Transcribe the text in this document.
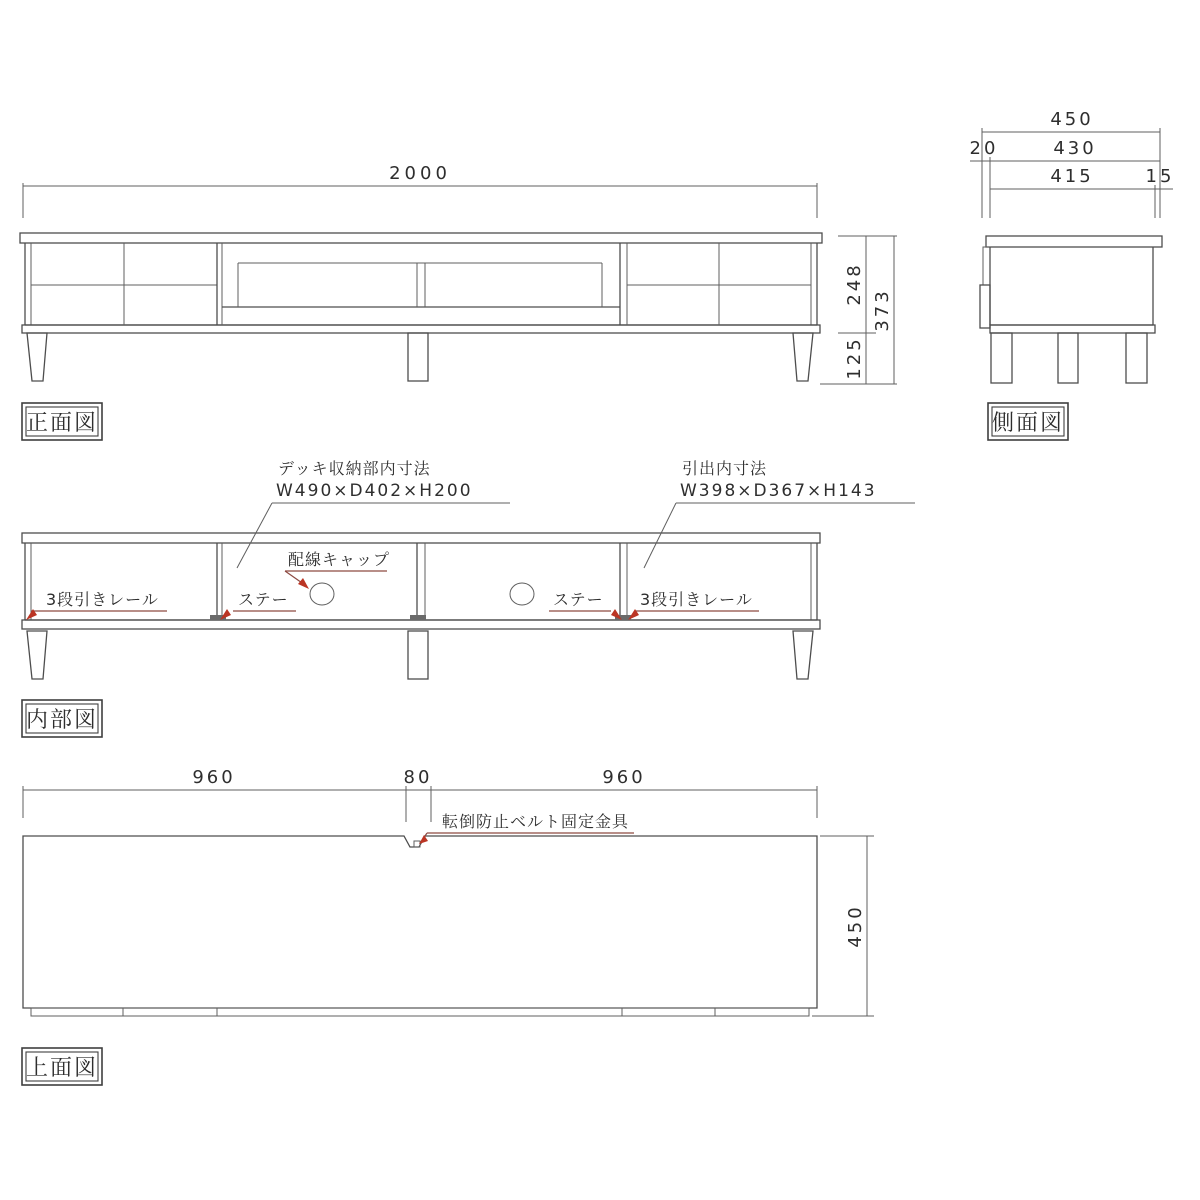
2000
248
125
373
正面図
450
20	430
415	15
側面図
デッキ収納部内寸法
W490×D402×H200
引出内寸法
W398×D367×H143
配線キャップ
ステー	ステー
3段引きレール	3段引きレール
内部図
960	80	960
転倒防止ベルト固定金具
450
上面図
